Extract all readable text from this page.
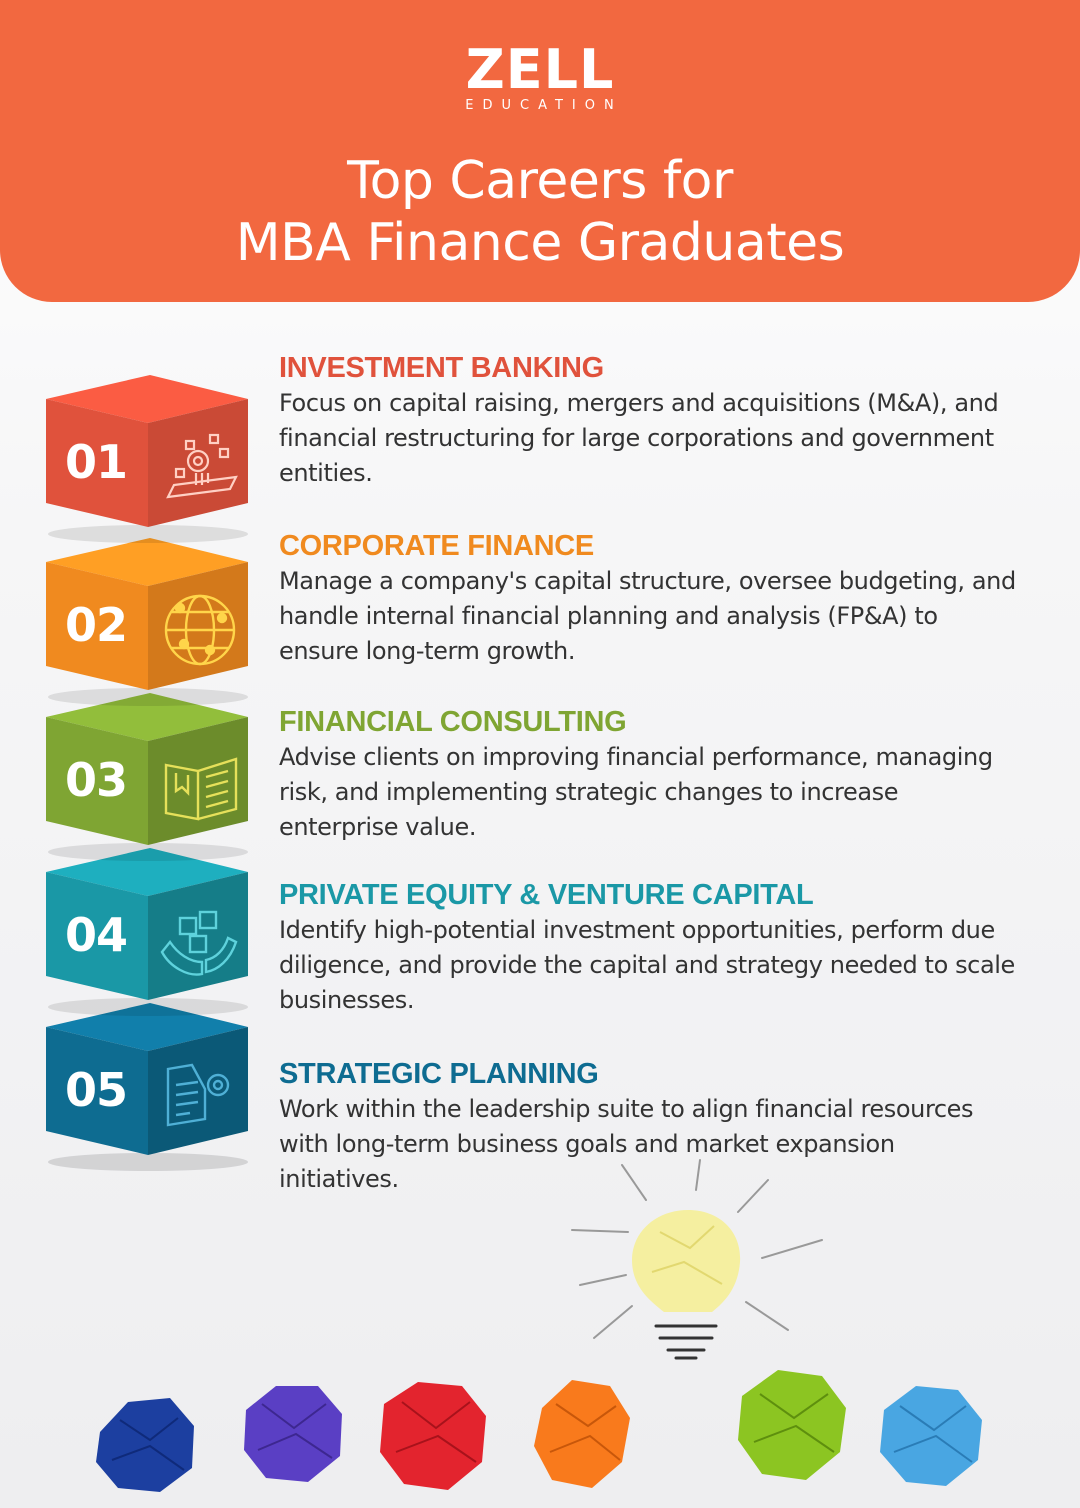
ZELL
EDUCATION
Top Careers for
MBA Finance Graduates
05
04
03
02
01
INVESTMENT BANKING
Focus on capital raising, mergers and acquisitions (M&A), and financial restructuring for large corporations and government entities.
CORPORATE FINANCE
Manage a company's capital structure, oversee budgeting, and handle internal financial planning and analysis (FP&A) to ensure long-term growth.
FINANCIAL CONSULTING
Advise clients on improving financial performance, managing risk, and implementing strategic changes to increase enterprise value.
PRIVATE EQUITY & VENTURE CAPITAL
Identify high-potential investment opportunities, perform due diligence, and provide the capital and strategy needed to scale businesses.
STRATEGIC PLANNING
Work within the leadership suite to align financial resources with long-term business goals and market expansion initiatives.
